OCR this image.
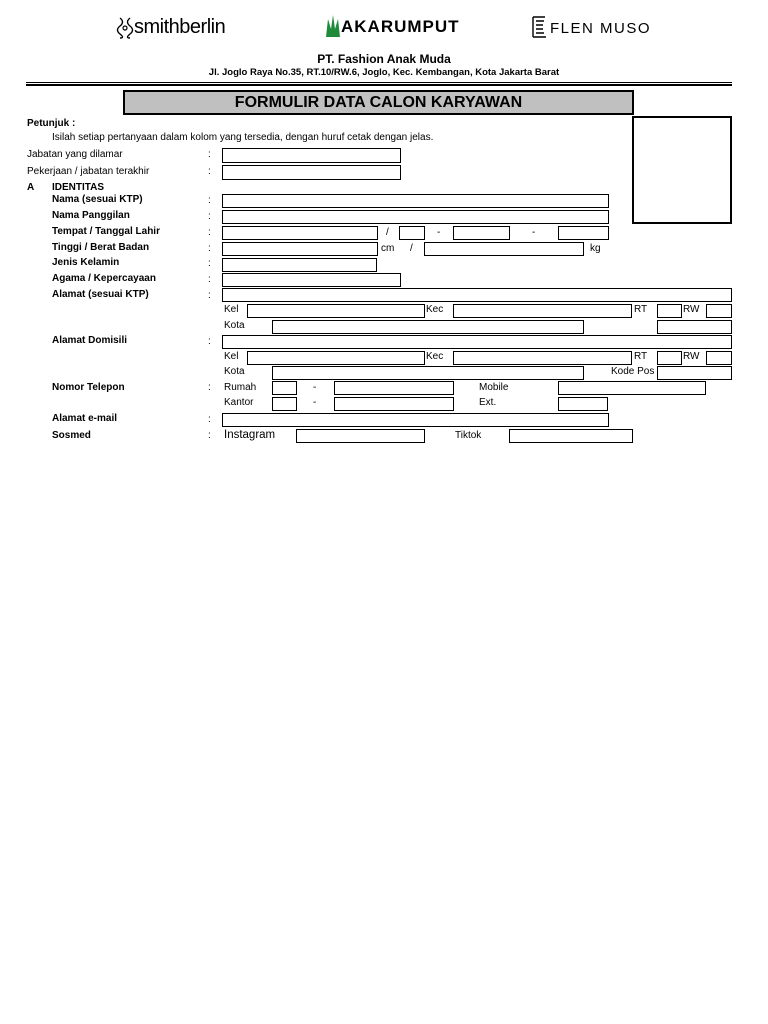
smithberlin	AKARUMPUT	FLEN MUSO
PT. Fashion Anak Muda
Jl. Joglo Raya No.35, RT.10/RW.6, Joglo, Kec. Kembangan, Kota Jakarta Barat
FORMULIR DATA CALON KARYAWAN
Petunjuk :
Isilah setiap pertanyaan dalam kolom yang tersedia, dengan huruf cetak dengan jelas.
Jabatan yang dilamar	:
Pekerjaan / jabatan terakhir	:
A IDENTITAS
Nama (sesuai KTP)	:
Nama Panggilan	:
Tempat / Tanggal Lahir	:	/	-	-
Tinggi / Berat Badan	:	cm /	kg
Jenis Kelamin	:
Agama / Kepercayaan	:
Alamat (sesuai KTP)	:
Kel	Kec	RT	RW
Kota
Alamat Domisili	:
Kel	Kec	RT	RW
Kota	Kode Pos
Nomor Telepon	: Rumah	-	Mobile
Kantor	-	Ext.
Alamat e-mail	:
Sosmed	: Instagram	Tiktok
